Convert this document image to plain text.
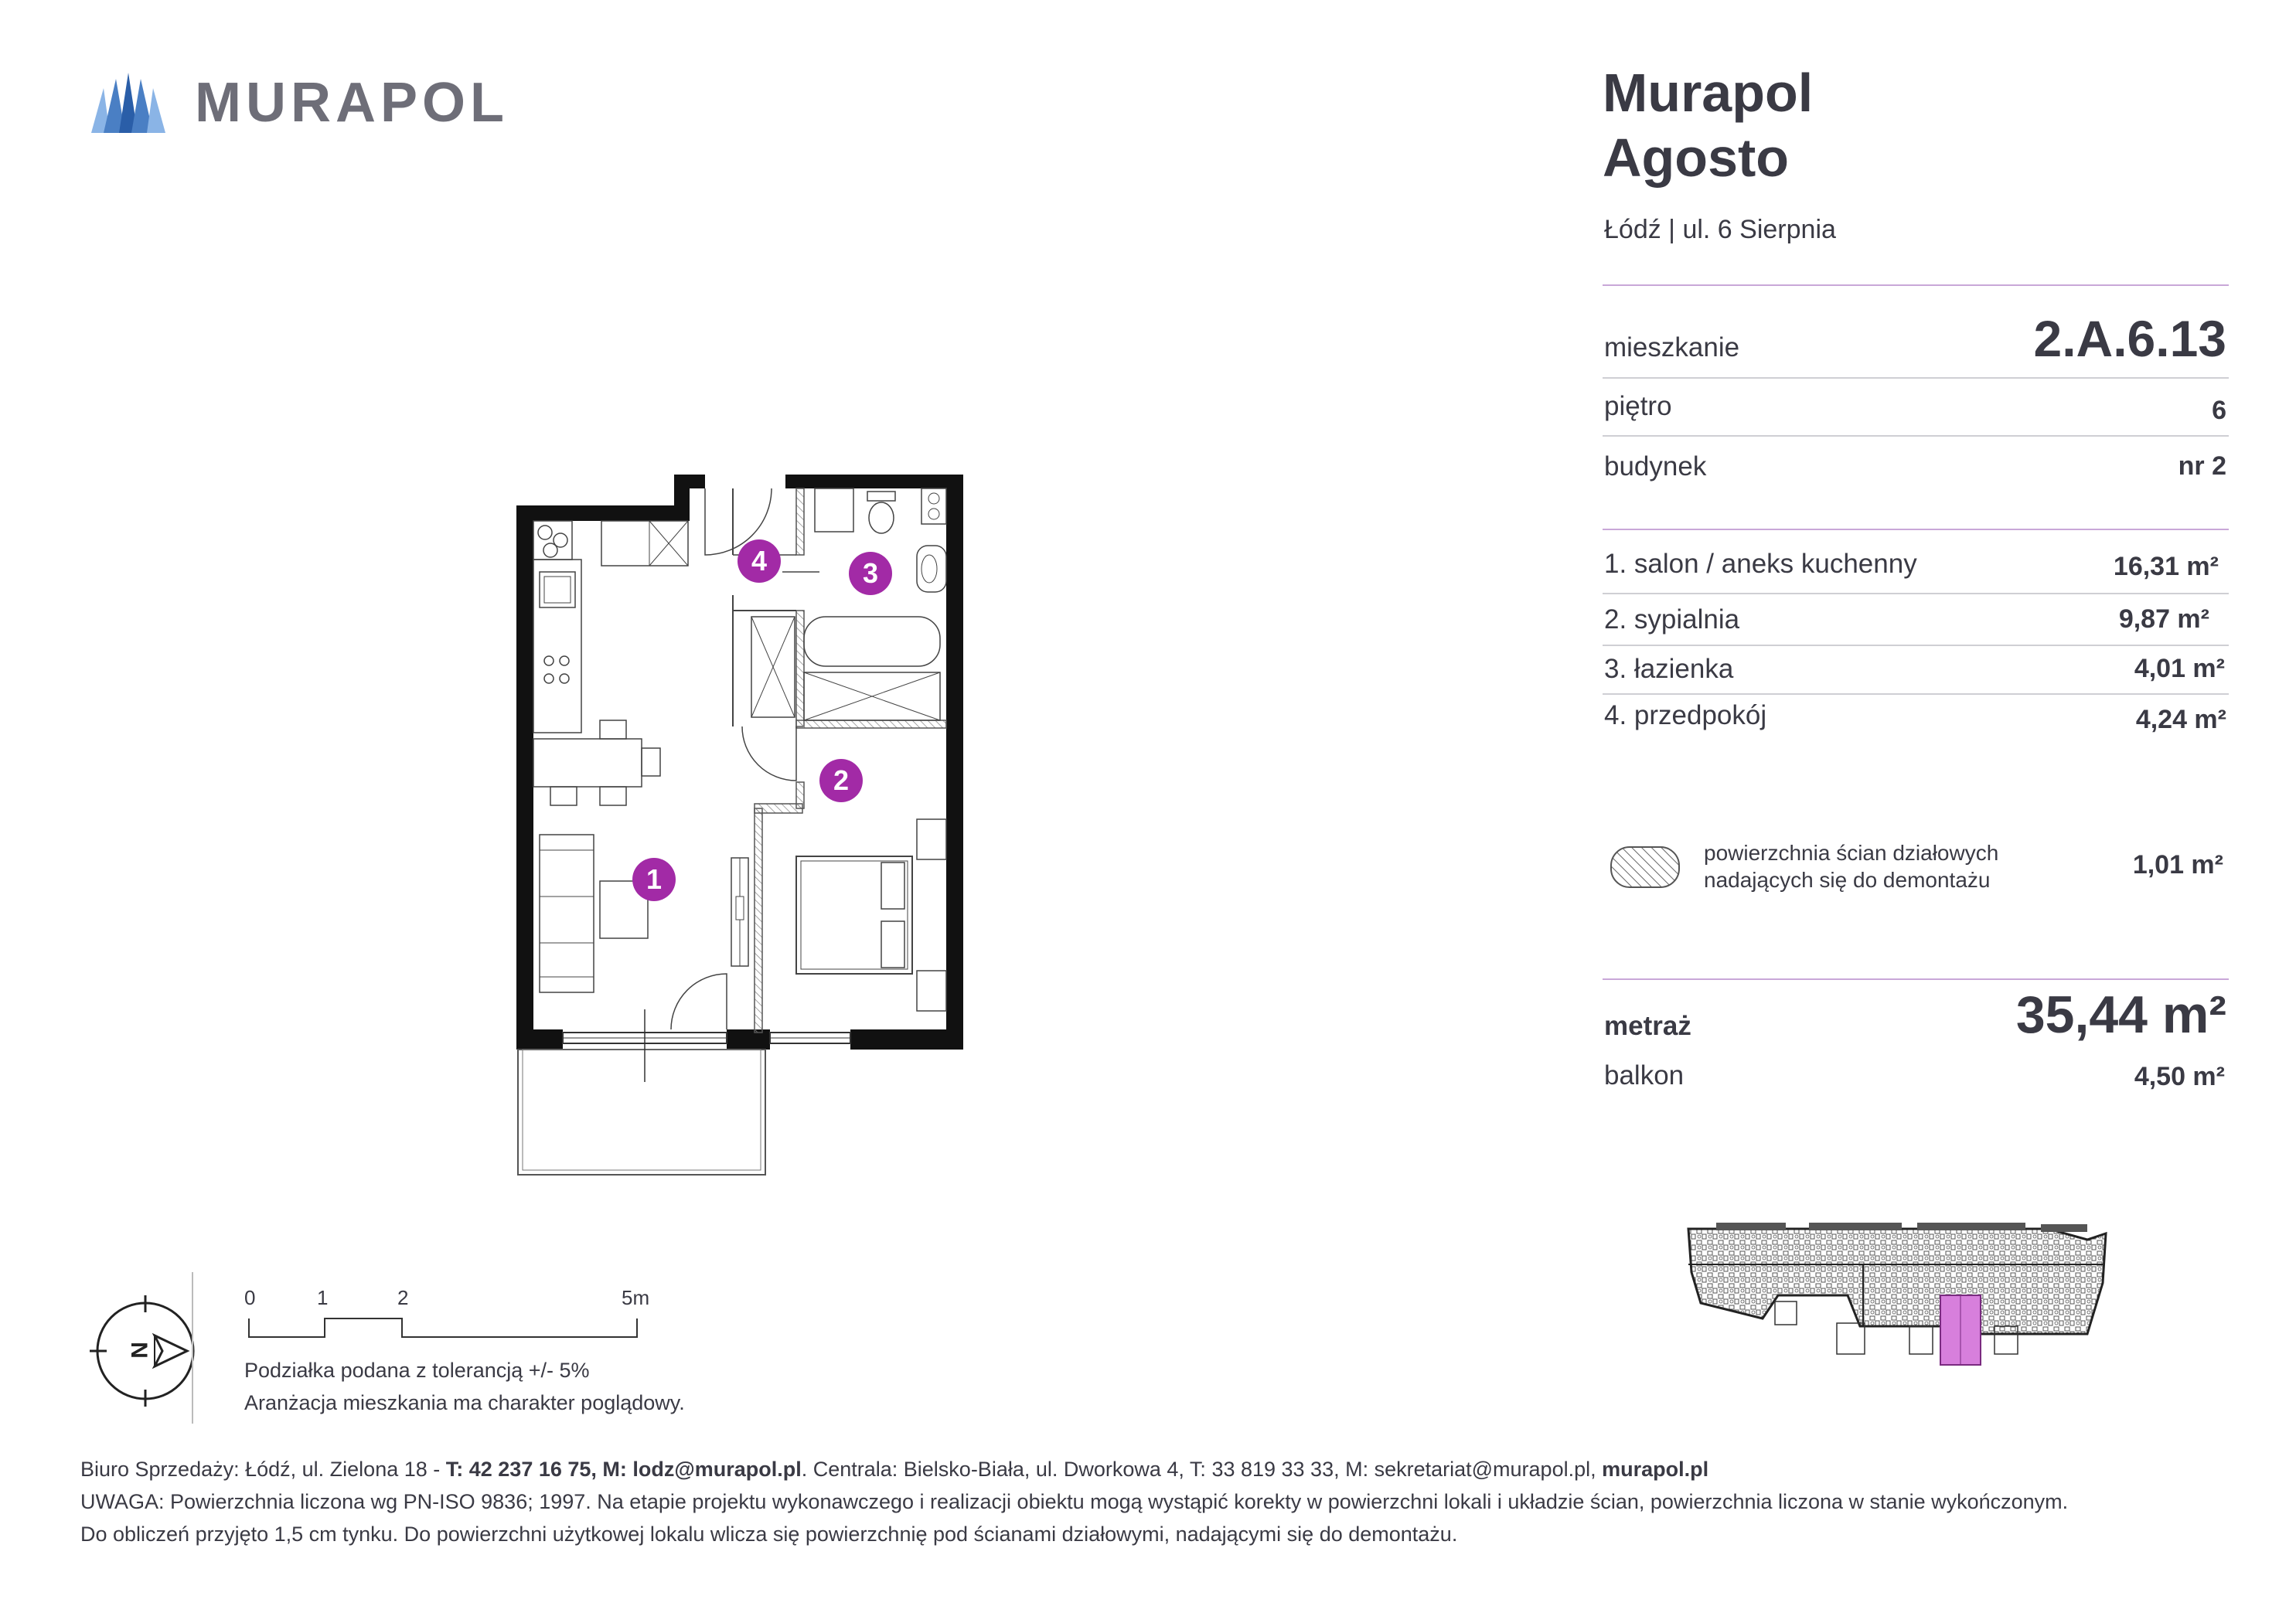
MURAPOL	Murapol
Agosto
Łódź | ul. 6 Sierpnia
mieszkanie	2.A.6.13
piętro	6
budynek	nr 2
1. salon / aneks kuchenny	16,31 m²
2. sypialnia	9,87 m²
3. łazienka	4,01 m²
4. przedpokój	4,24 m²
powierzchnia ścian działowych
nadających się do demontażu
1,01 m²
metraż	35,44 m²
balkon	4,50 m²
1
2
3
4
N
0	1	2	5m
Podziałka podana z tolerancją +/- 5%
Aranżacja mieszkania ma charakter poglądowy.
Biuro Sprzedaży: Łódź, ul. Zielona 18 - T: 42 237 16 75, M: lodz@murapol.pl. Centrala: Bielsko-Biała, ul. Dworkowa 4, T: 33 819 33 33, M: sekretariat@murapol.pl, murapol.pl
UWAGA: Powierzchnia liczona wg PN-ISO 9836; 1997. Na etapie projektu wykonawczego i realizacji obiektu mogą wystąpić korekty w powierzchni lokali i układzie ścian, powierzchnia liczona w stanie wykończonym.
Do obliczeń przyjęto 1,5 cm tynku. Do powierzchni użytkowej lokalu wlicza się powierzchnię pod ścianami działowymi, nadającymi się do demontażu.
